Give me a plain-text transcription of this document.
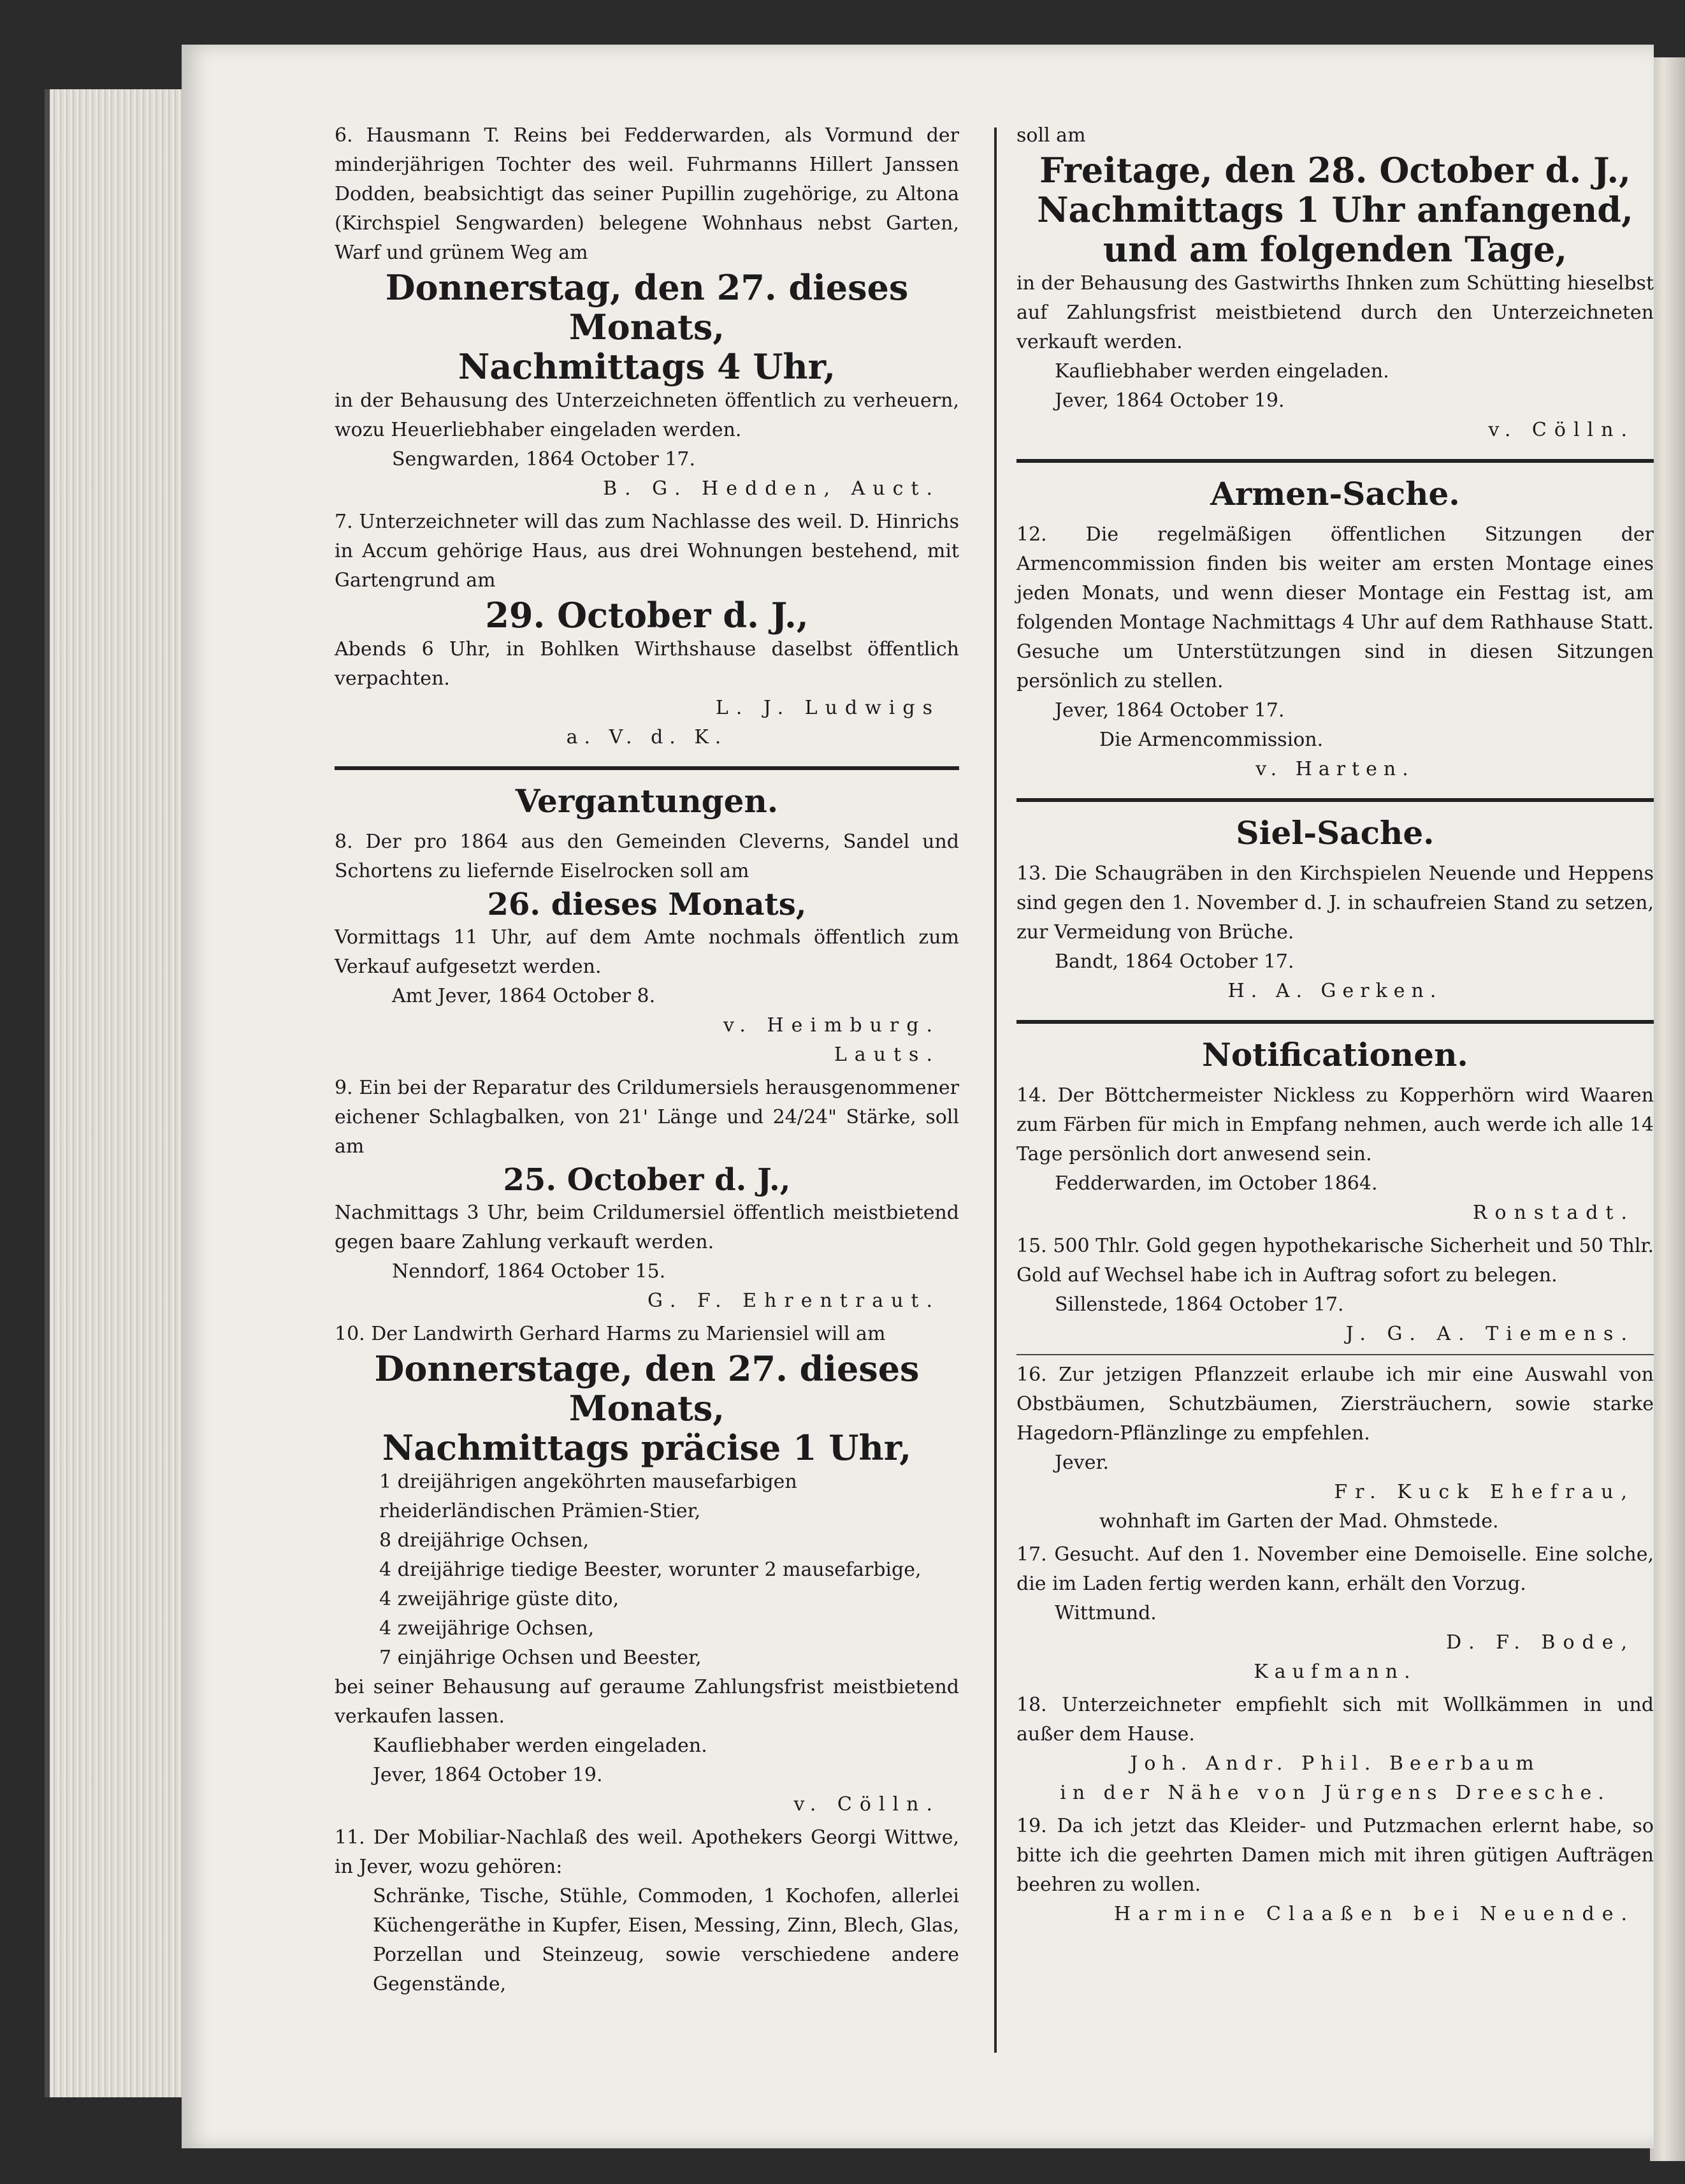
6. Hausmann T. Reins bei Fedderwarden, als Vormund der minderjährigen Tochter des weil. Fuhrmanns Hillert Janssen Dodden, beabsichtigt das seiner Pupillin zugehörige, zu Altona (Kirchspiel Sengwarden) belegene Wohnhaus nebst Garten, Warf und grünem Weg am
Donnerstag, den 27. dieses Monats,
Nachmittags 4 Uhr,
in der Behausung des Unterzeichneten öffentlich zu verheuern, wozu Heuerliebhaber eingeladen werden.
Sengwarden, 1864 October 17.
B. G. Hedden, Auct.
7. Unterzeichneter will das zum Nachlasse des weil. D. Hinrichs in Accum gehörige Haus, aus drei Wohnungen bestehend, mit Gartengrund am
29. October d. J.,
Abends 6 Uhr, in Bohlken Wirthshause daselbst öffentlich verpachten.
L. J. Ludwigs
a. V. d. K.
Vergantungen.
8. Der pro 1864 aus den Gemeinden Cleverns, Sandel und Schortens zu liefernde Eiselrocken soll am
26. dieses Monats,
Vormittags 11 Uhr, auf dem Amte nochmals öffentlich zum Verkauf aufgesetzt werden.
Amt Jever, 1864 October 8.
v. Heimburg.
Lauts.
9. Ein bei der Reparatur des Crildumersiels herausgenommener eichener Schlagbalken, von 21' Länge und 24/24" Stärke, soll am
25. October d. J.,
Nachmittags 3 Uhr, beim Crildumersiel öffentlich meistbietend gegen baare Zahlung verkauft werden.
Nenndorf, 1864 October 15.
G. F. Ehrentraut.
10. Der Landwirth Gerhard Harms zu Mariensiel will am
Donnerstage, den 27. dieses Monats,
Nachmittags präcise 1 Uhr,
1 dreijährigen angeköhrten mausefarbigen rheiderländischen Prämien-Stier,
8 dreijährige Ochsen,
4 dreijährige tiedige Beester, worunter 2 mausefarbige,
4 zweijährige güste dito,
4 zweijährige Ochsen,
7 einjährige Ochsen und Beester,
bei seiner Behausung auf geraume Zahlungsfrist meistbietend verkaufen lassen.
Kaufliebhaber werden eingeladen.
Jever, 1864 October 19.
v. Cölln.
11. Der Mobiliar-Nachlaß des weil. Apothekers Georgi Wittwe, in Jever, wozu gehören:
Schränke, Tische, Stühle, Commoden, 1 Kochofen, allerlei Küchengeräthe in Kupfer, Eisen, Messing, Zinn, Blech, Glas, Porzellan und Steinzeug, sowie verschiedene andere Gegenstände,
soll am
Freitage, den 28. October d. J.,
Nachmittags 1 Uhr anfangend,
und am folgenden Tage,
in der Behausung des Gastwirths Ihnken zum Schütting hieselbst auf Zahlungsfrist meistbietend durch den Unterzeichneten verkauft werden.
Kaufliebhaber werden eingeladen.
Jever, 1864 October 19.
v. Cölln.
Armen-Sache.
12. Die regelmäßigen öffentlichen Sitzungen der Armencommission finden bis weiter am ersten Montage eines jeden Monats, und wenn dieser Montage ein Festtag ist, am folgenden Montage Nachmittags 4 Uhr auf dem Rathhause Statt. Gesuche um Unterstützungen sind in diesen Sitzungen persönlich zu stellen.
Jever, 1864 October 17.
Die Armencommission.
v. Harten.
Siel-Sache.
13. Die Schaugräben in den Kirchspielen Neuende und Heppens sind gegen den 1. November d. J. in schaufreien Stand zu setzen, zur Vermeidung von Brüche.
Bandt, 1864 October 17.
H. A. Gerken.
Notificationen.
14. Der Böttchermeister Nickless zu Kopperhörn wird Waaren zum Färben für mich in Empfang nehmen, auch werde ich alle 14 Tage persönlich dort anwesend sein.
Fedderwarden, im October 1864.
Ronstadt.
15. 500 Thlr. Gold gegen hypothekarische Sicherheit und 50 Thlr. Gold auf Wechsel habe ich in Auftrag sofort zu belegen.
Sillenstede, 1864 October 17.
J. G. A. Tiemens.
16. Zur jetzigen Pflanzzeit erlaube ich mir eine Auswahl von Obstbäumen, Schutzbäumen, Ziersträuchern, sowie starke Hagedorn-Pflänzlinge zu empfehlen.
Jever.
Fr. Kuck Ehefrau,
wohnhaft im Garten der Mad. Ohmstede.
17. Gesucht. Auf den 1. November eine Demoiselle. Eine solche, die im Laden fertig werden kann, erhält den Vorzug.
Wittmund.
D. F. Bode,
Kaufmann.
18. Unterzeichneter empfiehlt sich mit Wollkämmen in und außer dem Hause.
Joh. Andr. Phil. Beerbaum
in der Nähe von Jürgens Dreesche.
19. Da ich jetzt das Kleider- und Putzmachen erlernt habe, so bitte ich die geehrten Damen mich mit ihren gütigen Aufträgen beehren zu wollen.
Harmine Claaßen bei Neuende.
